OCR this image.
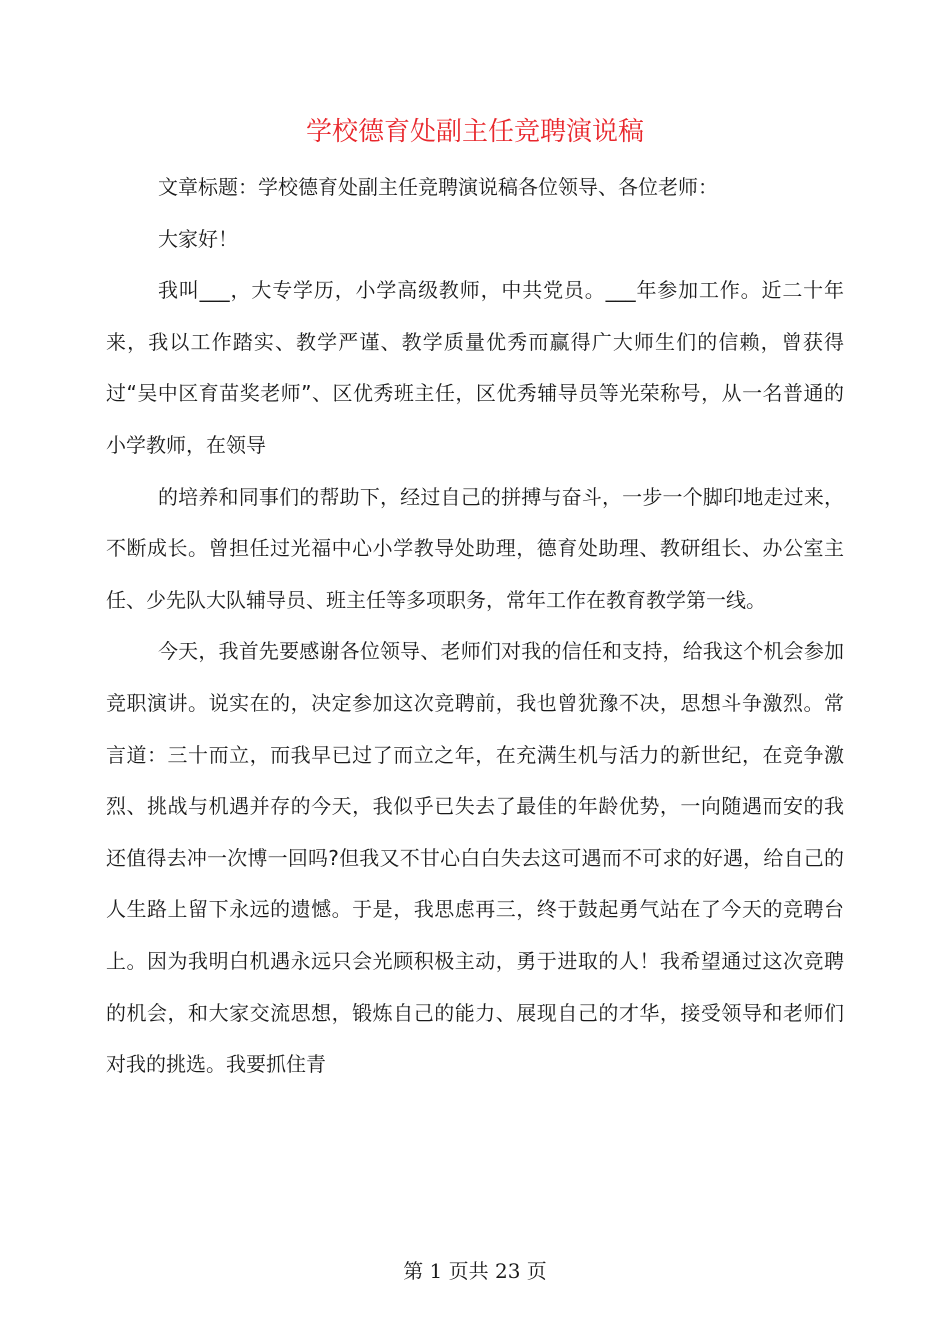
学校德育处副主任竞聘演说稿

文章标题：学校德育处副主任竞聘演说稿各位领导、各位老师：

大家好！

我叫___，大专学历，小学高级教师，中共党员。___年参加工作。近二十年来，我以工作踏实、教学严谨、教学质量优秀而赢得广大师生们的信赖，曾获得过“吴中区育苗奖老师”、区优秀班主任，区优秀辅导员等光荣称号，从一名普通的小学教师，在领导

的培养和同事们的帮助下，经过自己的拼搏与奋斗，一步一个脚印地走过来，不断成长。曾担任过光福中心小学教导处助理，德育处助理、教研组长、办公室主任、少先队大队辅导员、班主任等多项职务，常年工作在教育教学第一线。

今天，我首先要感谢各位领导、老师们对我的信任和支持，给我这个机会参加竞职演讲。说实在的，决定参加这次竞聘前，我也曾犹豫不决，思想斗争激烈。常言道：三十而立，而我早已过了而立之年，在充满生机与活力的新世纪，在竞争激烈、挑战与机遇并存的今天，我似乎已失去了最佳的年龄优势，一向随遇而安的我还值得去冲一次博一回吗?但我又不甘心白白失去这可遇而不可求的好遇，给自己的人生路上留下永远的遗憾。于是，我思虑再三，终于鼓起勇气站在了今天的竞聘台上。因为我明白机遇永远只会光顾积极主动，勇于进取的人！我希望通过这次竞聘的机会，和大家交流思想，锻炼自己的能力、展现自己的才华，接受领导和老师们对我的挑选。我要抓住青

第 1 页共 23 页
